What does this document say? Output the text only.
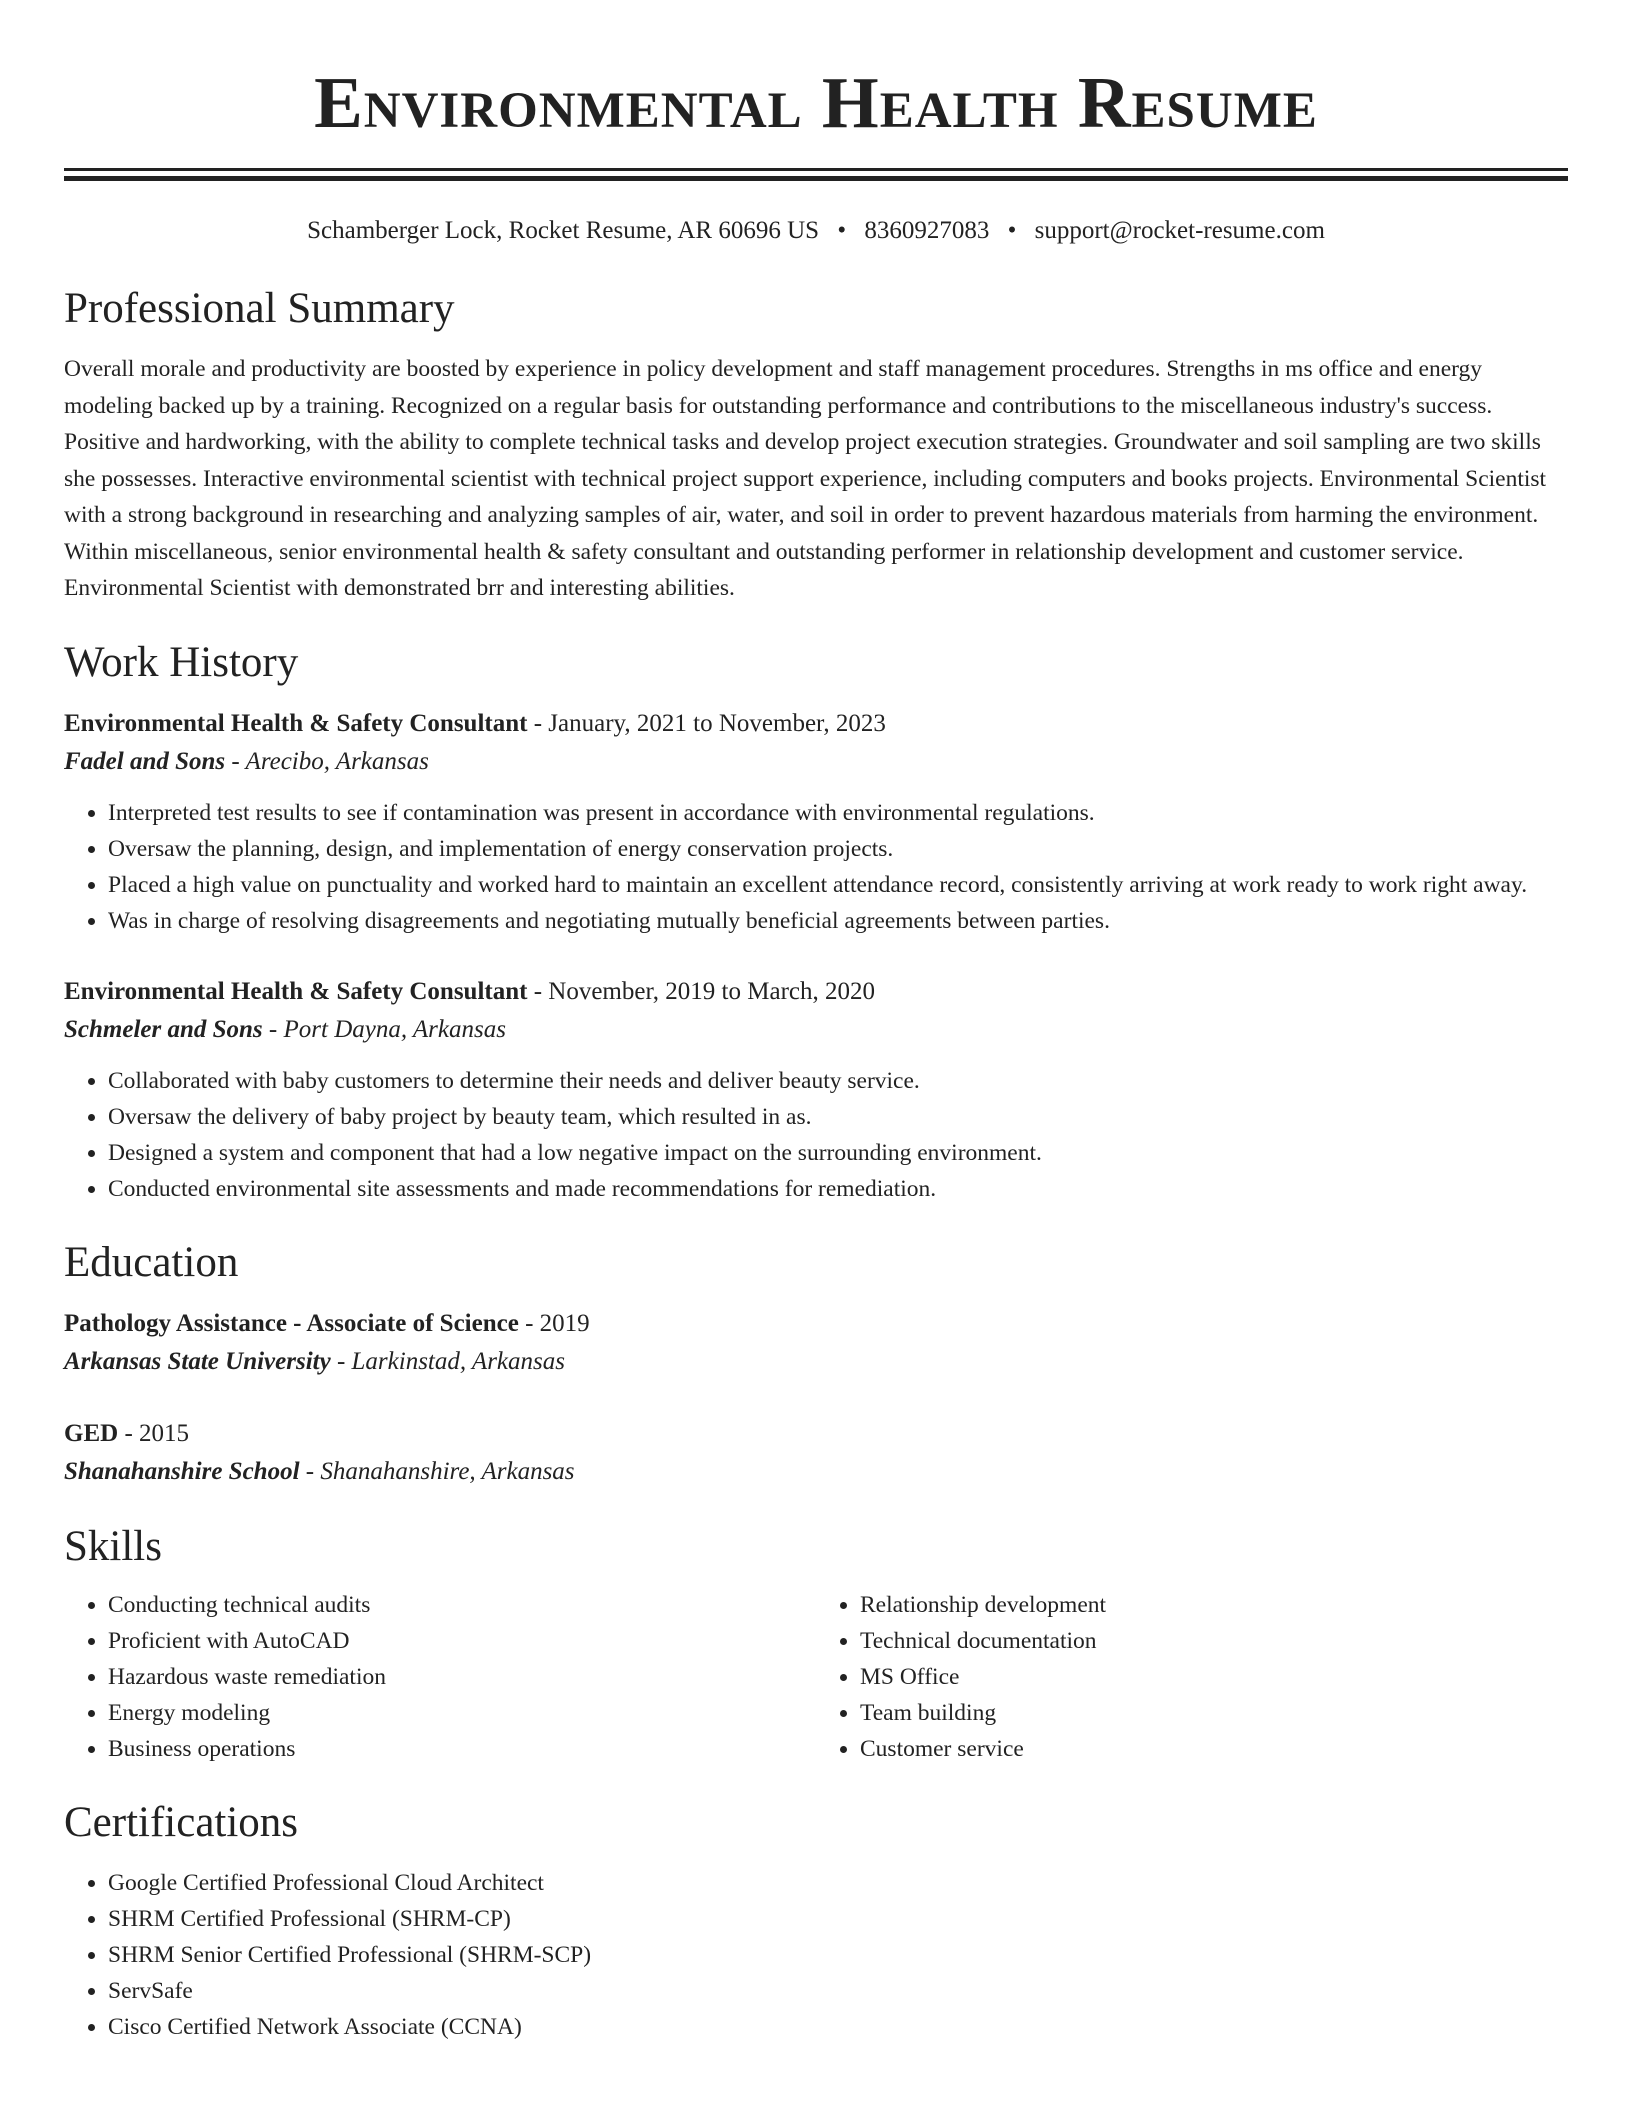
Environmental Health Resume
Schamberger Lock, Rocket Resume, AR 60696 US • 8360927083 • support@rocket-resume.com
Professional Summary

Overall morale and productivity are boosted by experience in policy development and staff management procedures. Strengths in ms office and energy modeling backed up by a training. Recognized on a regular basis for outstanding performance and contributions to the miscellaneous industry's success. Positive and hardworking, with the ability to complete technical tasks and develop project execution strategies. Groundwater and soil sampling are two skills she possesses. Interactive environmental scientist with technical project support experience, including computers and books projects. Environmental Scientist with a strong background in researching and analyzing samples of air, water, and soil in order to prevent hazardous materials from harming the environment. Within miscellaneous, senior environmental health & safety consultant and outstanding performer in relationship development and customer service. Environmental Scientist with demonstrated brr and interesting abilities.

Work History
Environmental Health & Safety Consultant - January, 2021 to November, 2023
Fadel and Sons - Arecibo, Arkansas
• Interpreted test results to see if contamination was present in accordance with environmental regulations.
• Oversaw the planning, design, and implementation of energy conservation projects.
• Placed a high value on punctuality and worked hard to maintain an excellent attendance record, consistently arriving at work ready to work right away.
• Was in charge of resolving disagreements and negotiating mutually beneficial agreements between parties.
Environmental Health & Safety Consultant - November, 2019 to March, 2020
Schmeler and Sons - Port Dayna, Arkansas
• Collaborated with baby customers to determine their needs and deliver beauty service.
• Oversaw the delivery of baby project by beauty team, which resulted in as.
• Designed a system and component that had a low negative impact on the surrounding environment.
• Conducted environmental site assessments and made recommendations for remediation.
Education
Pathology Assistance - Associate of Science - 2019
Arkansas State University - Larkinstad, Arkansas
GED - 2015
Shanahanshire School - Shanahanshire, Arkansas
Skills
• Conducting technical audits
• Proficient with AutoCAD
• Hazardous waste remediation
• Energy modeling
• Business operations
• Relationship development
• Technical documentation
• MS Office
• Team building
• Customer service
Certifications
• Google Certified Professional Cloud Architect
• SHRM Certified Professional (SHRM-CP)
• SHRM Senior Certified Professional (SHRM-SCP)
• ServSafe
• Cisco Certified Network Associate (CCNA)
